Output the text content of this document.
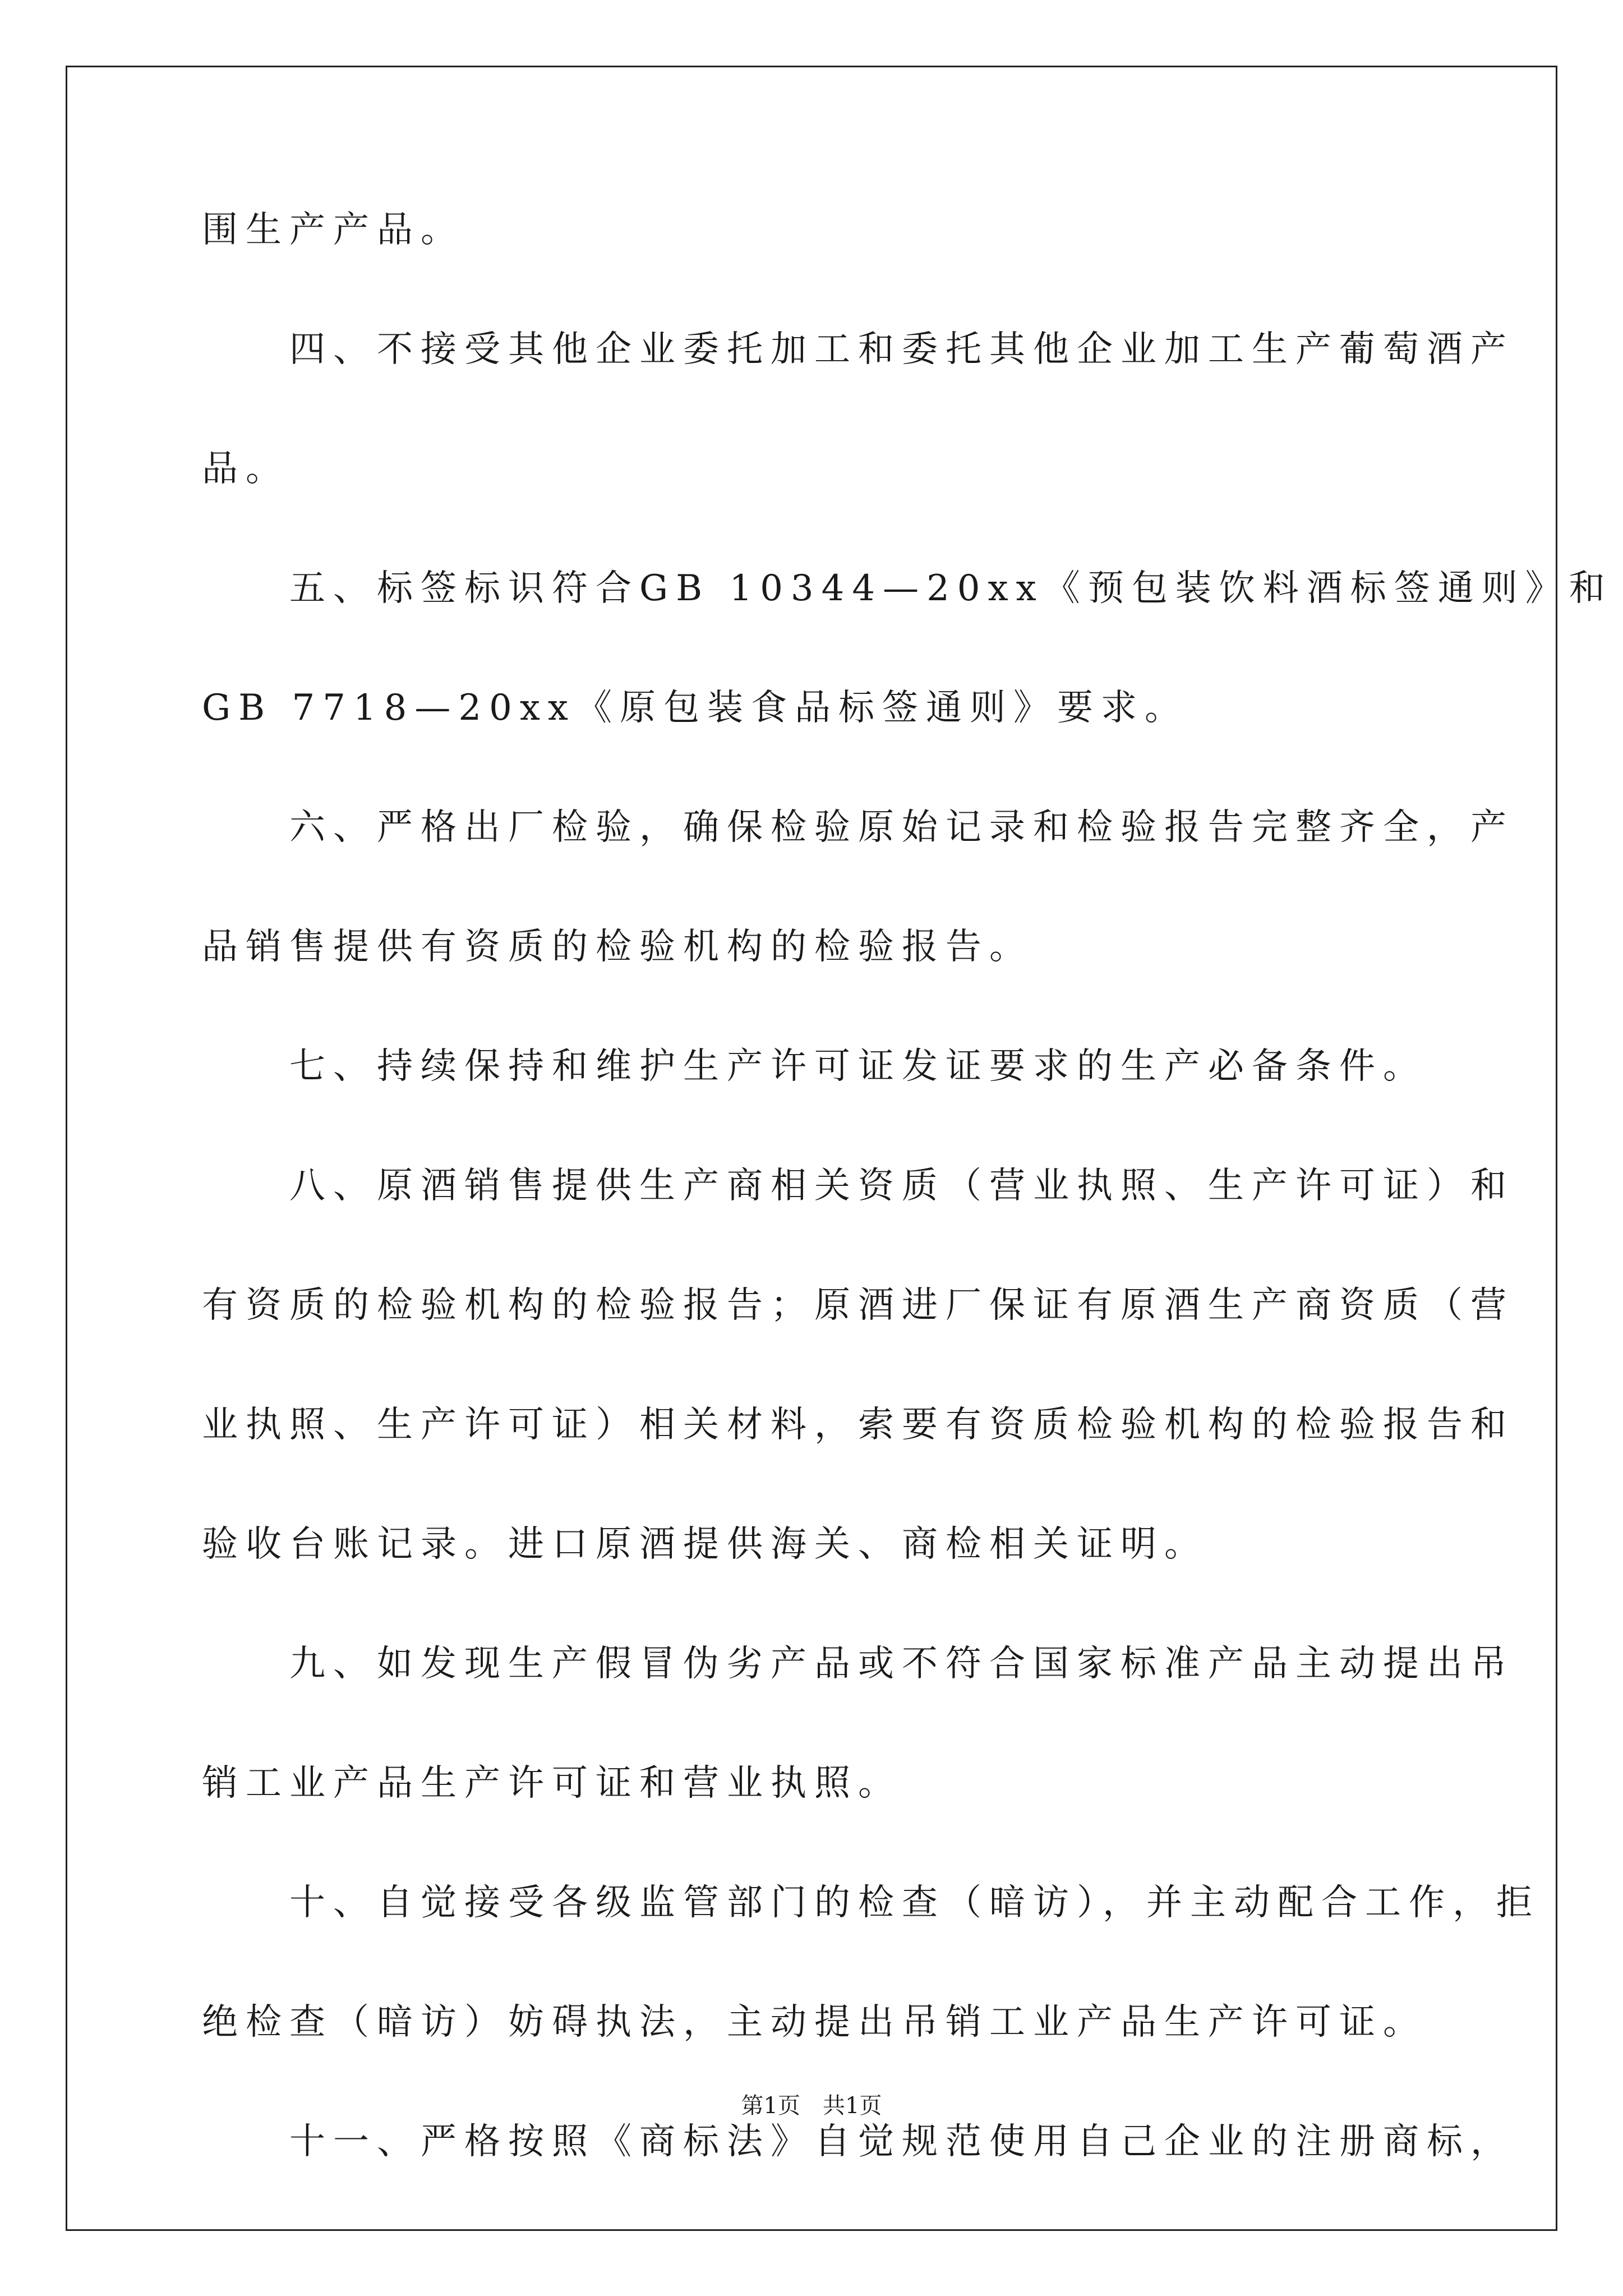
围生产产品。
　　四、不接受其他企业委托加工和委托其他企业加工生产葡萄酒产
品。
　　五、标签标识符合GB 10344—20xx《预包装饮料酒标签通则》和
GB 7718—20xx《原包装食品标签通则》要求。
　　六、严格出厂检验，确保检验原始记录和检验报告完整齐全，产
品销售提供有资质的检验机构的检验报告。
　　七、持续保持和维护生产许可证发证要求的生产必备条件。
　　八、原酒销售提供生产商相关资质（营业执照、生产许可证）和
有资质的检验机构的检验报告；原酒进厂保证有原酒生产商资质（营
业执照、生产许可证）相关材料，索要有资质检验机构的检验报告和
验收台账记录。进口原酒提供海关、商检相关证明。
　　九、如发现生产假冒伪劣产品或不符合国家标准产品主动提出吊
销工业产品生产许可证和营业执照。
　　十、自觉接受各级监管部门的检查（暗访），并主动配合工作，拒
绝检查（暗访）妨碍执法，主动提出吊销工业产品生产许可证。
　　十一、严格按照《商标法》自觉规范使用自己企业的注册商标，
第1页　共1页
